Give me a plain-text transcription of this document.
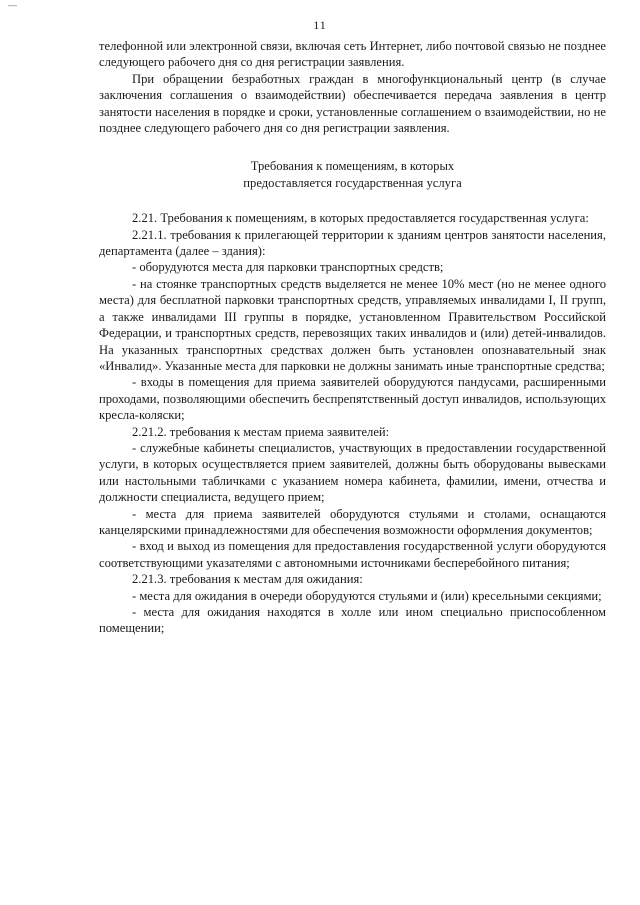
—
11

телефонной или электронной связи, включая сеть Интернет, либо почтовой связью не позднее следующего рабочего дня со дня регистрации заявления.

При обращении безработных граждан в многофункциональный центр (в случае заключения соглашения о взаимодействии) обеспечивается передача заявления в центр занятости населения в порядке и сроки, установленные соглашением о взаимодействии, но не позднее следующего рабочего дня со дня регистрации заявления.

Требования к помещениям, в которых
предоставляется государственная услуга

2.21. Требования к помещениям, в которых предоставляется государственная услуга:

2.21.1. требования к прилегающей территории к зданиям центров занятости населения, департамента (далее – здания):

- оборудуются места для парковки транспортных средств;

- на стоянке транспортных средств выделяется не менее 10% мест (но не менее одного места) для бесплатной парковки транспортных средств, управляемых инвалидами I, II групп, а также инвалидами III группы в порядке, установленном Правительством Российской Федерации, и транспортных средств, перевозящих таких инвалидов и (или) детей-инвалидов. На указанных транспортных средствах должен быть установлен опознавательный знак «Инвалид». Указанные места для парковки не должны занимать иные транспортные средства;

- входы в помещения для приема заявителей оборудуются пандусами, расширенными проходами, позволяющими обеспечить беспрепятственный доступ инвалидов, использующих кресла-коляски;

2.21.2. требования к местам приема заявителей:

- служебные кабинеты специалистов, участвующих в предоставлении государственной услуги, в которых осуществляется прием заявителей, должны быть оборудованы вывесками или настольными табличками с указанием номера кабинета, фамилии, имени, отчества и должности специалиста, ведущего прием;

- места для приема заявителей оборудуются стульями и столами, оснащаются канцелярскими принадлежностями для обеспечения возможности оформления документов;

- вход и выход из помещения для предоставления государственной услуги оборудуются соответствующими указателями с автономными источниками бесперебойного питания;

2.21.3. требования к местам для ожидания:

- места для ожидания в очереди оборудуются стульями и (или) кресельными секциями;

- места для ожидания находятся в холле или ином специально приспособленном помещении;
